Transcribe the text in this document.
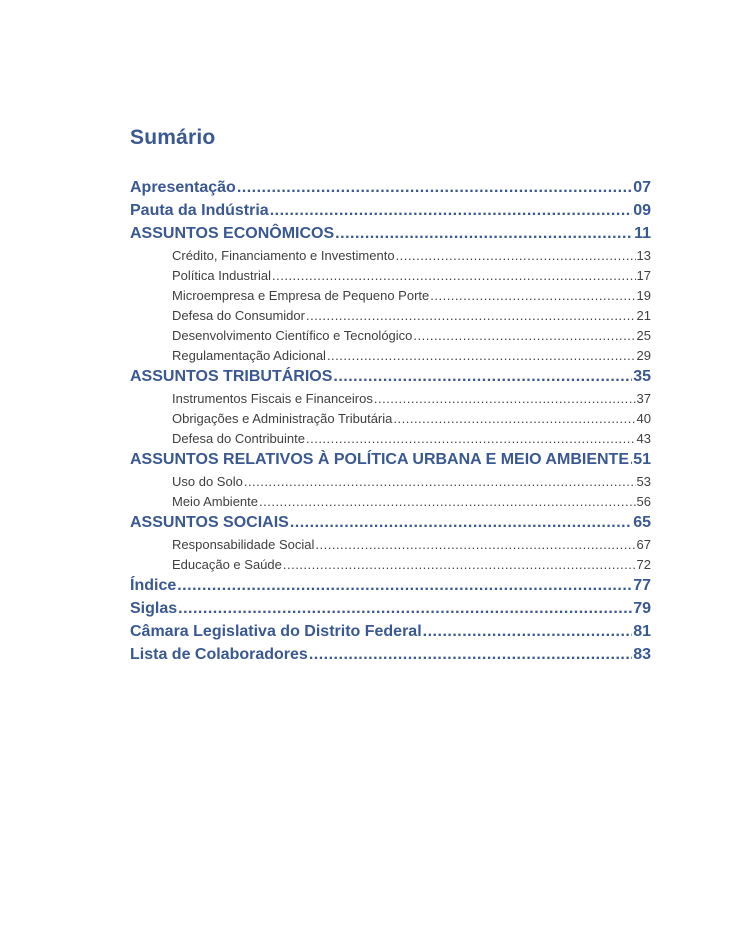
Sumário
Apresentação .....	07
Pauta da Indústria .....	09
ASSUNTOS ECONÔMICOS .....	11
Crédito, Financiamento e Investimento .....	13
Política Industrial .....	17
Microempresa e Empresa de Pequeno Porte .....	19
Defesa do Consumidor .....	21
Desenvolvimento Científico e Tecnológico .....	25
Regulamentação Adicional .....	29
ASSUNTOS TRIBUTÁRIOS .....	35
Instrumentos Fiscais e Financeiros .....	37
Obrigações e Administração Tributária .....	40
Defesa do Contribuinte .....	43
ASSUNTOS RELATIVOS À POLÍTICA URBANA E MEIO AMBIENTE ..... 51
Uso do Solo .....	53
Meio Ambiente .....	56
ASSUNTOS SOCIAIS .....	65
Responsabilidade Social .....	67
Educação e Saúde .....	72
Índice .....	77
Siglas .....	79
Câmara Legislativa do Distrito Federal .....	81
Lista de Colaboradores .....	83
